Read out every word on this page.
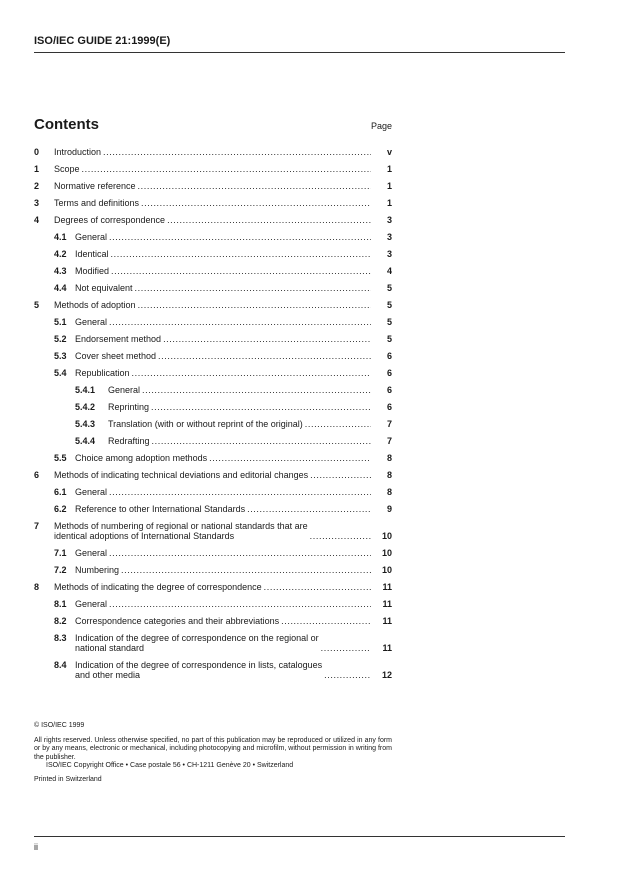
ISO/IEC GUIDE 21:1999(E)
Contents	Page
0 Introduction .....	v
1 Scope .....	1
2 Normative reference .....	1
3 Terms and definitions .....	1
4 Degrees of correspondence .....	3
4.1 General .....	3
4.2 Identical .....	3
4.3 Modified .....	4
4.4 Not equivalent .....	5
5 Methods of adoption .....	5
5.1 General .....	5
5.2 Endorsement method .....	5
5.3 Cover sheet method .....	6
5.4 Republication .....	6
5.4.1 General .....	6
5.4.2 Reprinting .....	6
5.4.3 Translation (with or without reprint of the original) .....	7
5.4.4 Redrafting .....	7
5.5 Choice among adoption methods .....	8
6 Methods of indicating technical deviations and editorial changes .....	8
6.1 General .....	8
6.2 Reference to other International Standards .....	9
7 Methods of numbering of regional or national standards that are
identical adoptions of International Standards .....	10
7.1 General .....	10
7.2 Numbering .....	10
8 Methods of indicating the degree of correspondence .....	11
8.1 General .....	11
8.2 Correspondence categories and their abbreviations .....	11
8.3 Indication of the degree of correspondence on the regional or
national standard .....	11
8.4 Indication of the degree of correspondence in lists, catalogues
and other media .....	12

© ISO/IEC 1999

All rights reserved. Unless otherwise specified, no part of this publication may be reproduced or utilized in any form or by any means, electronic or mechanical, including photocopying and microfilm, without permission in writing from the publisher.

ISO/IEC Copyright Office • Case postale 56 • CH-1211 Genève 20 • Switzerland

Printed in Switzerland

ii
